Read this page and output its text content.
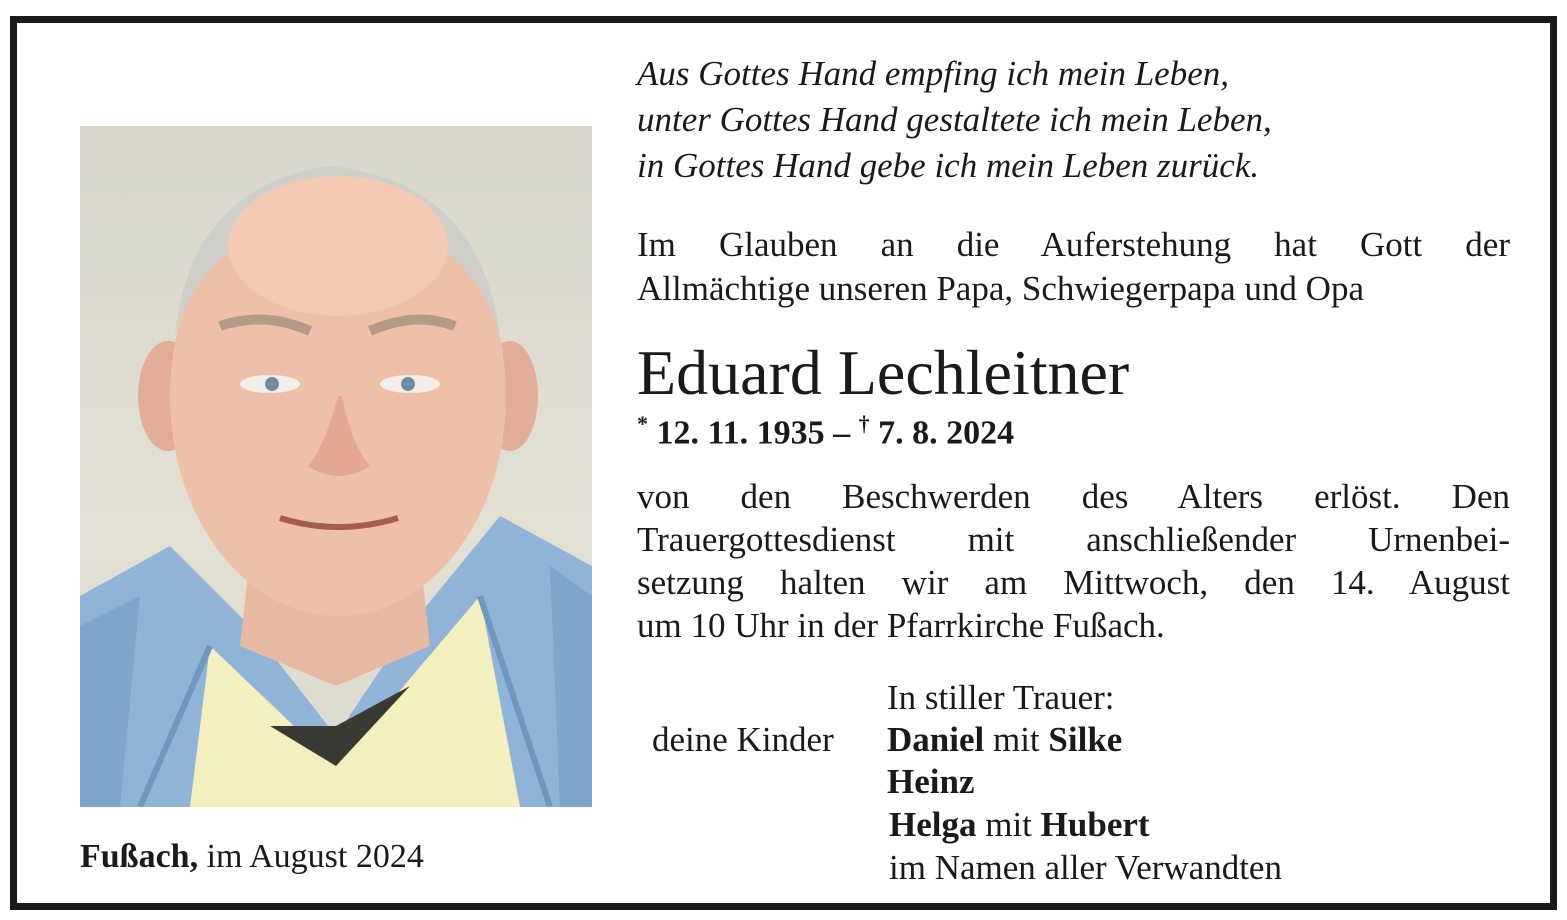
Fußach, im August 2024
Aus Gottes Hand empfing ich mein Leben,
unter Gottes Hand gestaltete ich mein Leben,
in Gottes Hand gebe ich mein Leben zurück.
Im Glauben an die Auferstehung hat Gott der
Allmächtige unseren Papa, Schwiegerpapa und Opa
Eduard Lechleitner
* 12. 11. 1935 – † 7. 8. 2024
von den Beschwerden des Alters erlöst. Den
Trauergottesdienst mit anschließender Urnenbei-
setzung halten wir am Mittwoch, den 14. August
um 10 Uhr in der Pfarrkirche Fußach.
In stiller Trauer:
deine Kinder Daniel mit Silke
Heinz
Helga mit Hubert
im Namen aller Verwandten
